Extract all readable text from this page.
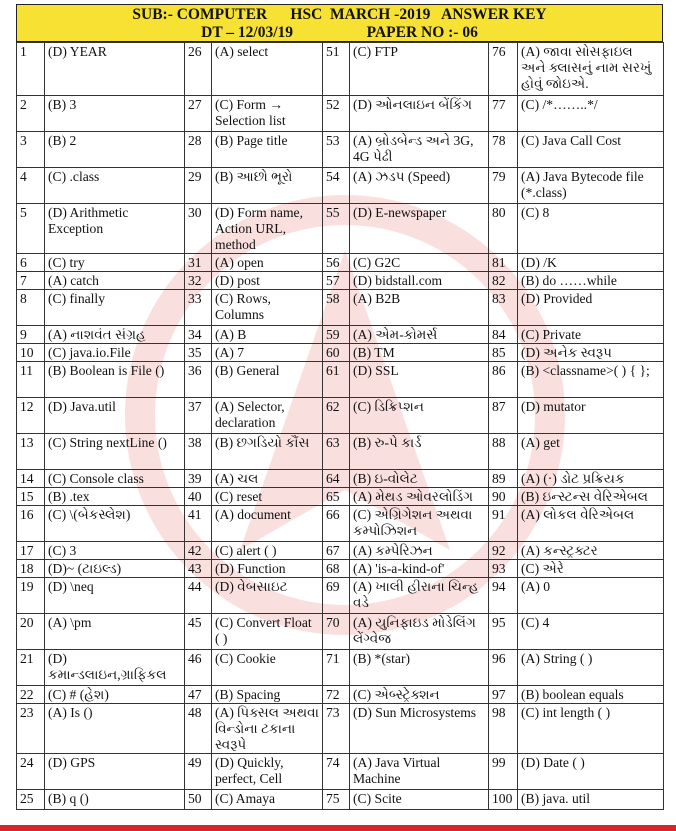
SUB:- COMPUTER      HSC  MARCH -2019   ANSWER KEY
DT – 12/03/19                   PAPER NO :- 06
1	(D) YEAR	26	(A) select	51	(C) FTP	76	(A) જાવા સોસફાઇલ અને ક્લાસનું નામ સરખું હોવું જોઇએ.
2	(B) 3	27	(C) Form → Selection list	52	(D) ઓનલાઇન બેંકિંગ	77	(C) /*……..*/
3	(B) 2	28	(B) Page title	53	(A) બ્રોડબેન્ડ અને 3G, 4G પેઢી	78	(C) Java Call Cost
4	(C) .class	29	(B) આછો ભૂરો	54	(A) ઝડપ (Speed)	79	(A) Java Bytecode file (*.class)
5	(D) Arithmetic Exception	30	(D) Form name, Action URL, method	55	(D) E-newspaper	80	(C) 8
6	(C) try	31	(A) open	56	(C) G2C	81	(D) /K
7	(A) catch	32	(D) post	57	(D) bidstall.com	82	(B) do ……while
8	(C) finally	33	(C) Rows, Columns	58	(A) B2B	83	(D) Provided
9	(A) નાશવંત સંગ્રહ	34	(A) B	59	(A) એમ-કોમર્સ	84	(C) Private
10	(C) java.io.File	35	(A) 7	60	(B) TM	85	(D) અનેક સ્વરૂપ
11	(B) Boolean is File ()	36	(B) General	61	(D) SSL	86	(B) <classname>( ) { };
12	(D) Java.util	37	(A) Selector, declaration	62	(C) ડિક્રિપ્શન	87	(D) mutator
13	(C) String nextLine ()	38	(B) છગડિયો કૌંસ	63	(B) રુ-પે કાર્ડ	88	(A) get
14	(C) Console class	39	(A) ચલ	64	(B) ઇ-વોલેટ	89	(A) (·) ડોટ પ્રક્રિયક
15	(B) .tex	40	(C) reset	65	(A) મેથડ ઓવરલોડિંગ	90	(B) ઇન્સ્ટન્સ વેરિએબલ
16	(C) \(બેકસ્લેશ)	41	(A) document	66	(C) એગ્રિગેશન અથવા કમ્પોઝિશન	91	(A) લોકલ વેરિએબલ
17	(C) 3	42	(C) alert ( )	67	(A) કમ્પેરિઝન	92	(A) કન્સ્ટ્રક્ટર
18	(D)~ (ટાઇલ્ડ)	43	(D) Function	68	(A) 'is-a-kind-of'	93	(C) એરે
19	(D) \neq	44	(D) વેબસાઇટ	69	(A) ખાલી હીરાના ચિન્હ વડે	94	(A) 0
20	(A) \pm	45	(C) Convert Float ( )	70	(A) યુનિફાઇડ મોડેલિંગ લેંગ્વેજ	95	(C) 4
21	(D) કમાન્ડલાઇન,ગ્રાફિકલ	46	(C) Cookie	71	(B) *(star)	96	(A) String ( )
22	(C) # (હેશ)	47	(B) Spacing	72	(C) એબ્સ્ટ્રેક્શન	97	(B) boolean equals
23	(A) Is ()	48	(A) પિક્સલ અથવા વિન્ડોના ટકાના સ્વરૂપે	73	(D) Sun Microsystems	98	(C) int length ( )
24	(D) GPS	49	(D) Quickly, perfect, Cell	74	(A) Java Virtual Machine	99	(D) Date ( )
25	(B) q ()	50	(C) Amaya	75	(C) Scite	100	(B) java. util
